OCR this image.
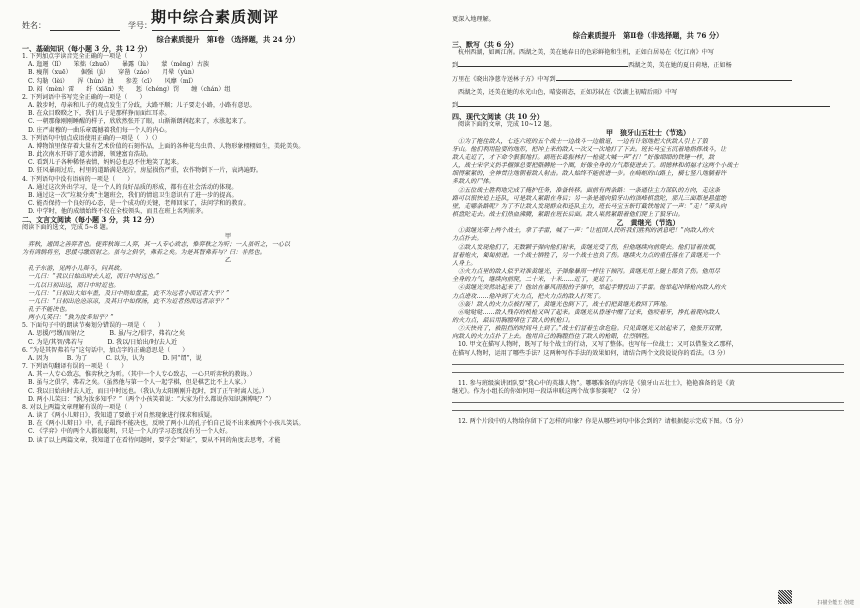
期中综合素质测评
姓名：	学号：

综合素质提升　第Ⅰ卷 （选择题，共 24 分）

一、基础知识（每小题 3 分，共 12 分）

1. 下列加点字读音完全正确的一项是（　　）

A. 迤逦（lǐ）　　笨拙（zhuō）　　暴露（lù）　　蒙（měng）古族

B. 瘦削（xuē）　　倔强（jì）　　穿凿（záo）　　月晕（yùn）

C. 勾勒（lèi）　　浑（hún）浊　　参差（cī）　　风靡（mǐ）

D. 闷（mèn）雷　　纤（xiān）夹　　惩（chéng）罚　　缠（chán）组

2. 下列词语中书写完全正确的一项是（　　）

A. 散步时，母亲和儿子的观点发生了分歧，大路平顺；儿子要走小路，小路有意思。

B. 在众目睽睽之下，我们儿子是那样狰而面红耳赤。

C. 一朝那像刚刚睡醒的样子，欣欣然张开了眼，山渐渐朗润起来了，水涨起来了。

D. 庄严肃穆的一曲乐章震撼着我们每一个人的内心。

3. 下列语句中加点成语使用正确的一项是（　）（）

A. 博物馆里保存着大量有艺术价值的石刻作品，上面的各种花鸟虫兽、人物形象栩栩如生，美轮美奂。

B. 此次南水开辟了道水清源，领建富育浩劫。

C. 看到儿子各种稀怪表情，妈妈总也忍不住地笑了起来。

D. 狂风暴雨过后，村里的道路满是泥泞，房屋损伤严重，农作物倒下一片，哀鸿遍野。

4. 下列语句中没有语病的一项是（　　）

A. 通过这次外出学习，是一个人的良好品质的形成，都有在社会活动的体现。

B. 通过这一次“垃圾分类”主题班会，我们的情谊卫生意识有了进一步的提高。

C. 能否保持一个良好的心态，是一个成功的关键，老师回家了，法问学和的教育。

D. 中学时，他的成绩始终不仅在全校领头，而且在班上名列前茅。

二、文言文阅读（每小题 3 分，共 12 分）

阅读下面的选文，完成 5~8 题。

甲

弈秋，通国之善弈者也。使弈秋诲二人弈，其一人专心致志，惟弈秋之为听；一人虽听之，一心以

为有鸿鹄将至，思援弓缴而射之。虽与之俱学，弗若之矣。为是其智弗若与？曰：非然也。

乙

孔子东游，见两小儿辩斗，问其故。

一儿曰：“我以日始出时去人近，而日中时远也。”

一儿以日初出远，而日中时近也。

一儿曰：“日初出大如车盖，及日中则如盘盂，此不为远者小而近者大乎？”

一儿曰：“日初出沧沧凉凉，及其日中如探汤，此不为近者热而远者凉乎？”

孔子不能决也。

两小儿笑曰：“孰为汝多知乎？”

5. 下面句子中的朗读节奏划分错误的一项是（　　）

A. 思援/弓缴/而射/之　　　　B. 虽/与之/俱学，弗若/之矣

C. 为是/其智/弗若与　　　　D. 我以/日始出/时/去人近

6. “为是其智弗若与”这句话中，加点字的正确意思是（　　）

A. 因为　　　B. 为了　　　C. 以为，认为　　　D. 同“谓”，说

7. 下列语句翻译有误的一项是（　　）

A. 其一人专心致志，惟弈秋之为听。（其中一个人专心致志，一心只听弈秋的教诲。）

B. 虽与之俱学，弗若之矣。（虽然他与第一个人一起学棋，但是棋艺比不上人家。）

C. 我以日始出时去人近，而日中时远也。（我认为太阳刚刚升起时，到了正午时离人远。）

D. 两小儿笑曰：“孰为汝多知乎？”（两个小孩笑着说：“大家为什么都说你知识渊博呢？”）

8. 对以上两篇文章理解有误的一项是（　　）

A. 读了《两小儿辩日》，我知道了要敢于对自然现象进行探求和质疑。

B. 在《两小儿辩日》中，孔子最终不能决也，反映了两小儿的孔子怕自己说不出来被两个小孩儿笑话。

C. 《学弈》中的两个人都很聪明，只是一个人的学习态度没有另一个人好。

D. 读了以上两篇文章，我知道了在看待问题时，要学会“辩证”，要从不同的角度去思考，才能

更深入地理解。

综合素质提升　第Ⅱ卷（非选择题，共 76 分）

三、默写（共 6 分）

杭州西湖，如画江南。西湖之美，美在她春日的色彩鲜艳和生机，正如白居易在《忆江南》中写

到	西湖之美，美在她的夏日荷塘，正如杨

万里在《晓出净慈寺送林子方》中写到

西湖之美，还美在她的水光山色，晴姿雨态，正如苏轼在《饮湖上初晴后雨》中写

到

四、现代文阅读（共 10 分）

阅读下面的文章，完成 10~12 题。

甲　狼牙山五壮士（节选）

①为了拖住敌人，七连六班的五个战士一边战斗一边撤退，一边有计划地把大伙敌人引上了狼

牙山。他们利用险要的地形，把冲上来的敌人一次又一次地打了下去。班长马宝玉沉着地指挥战斗，让

敌人走近了，才下命令狠狠地打。副班长葛振林打一枪就大喊一声“打！”好像细细的铁锤一样，敌

人，战士宋学义扔手榴弹总要把胳膊抡一个圈，好像全身的力气都使进去了。胡德林和胡福才这两个小战士

细得紧紧的，全神贯注地朝着敌人射击。敌人始终不能前进一步。在崎岖的山路上，横七竖八地躺着许

多敌人的尸体。

②五位战士胜利地完成了掩护任务，准备转移。面前有两条路：一条通往主力部队的方向，走这条

路可以很快追上连队，可是敌人紧跟在身后；另一条是通向狼牙山的顶峰棋盘陀，那儿三面都是悬崖绝

壁，走哪条路呢？为了不让敌人发现群众和连队主力，班长马宝玉斩钉截铁地说了一声：“走！”带头向

棋盘陀走去。战士们热血沸腾，紧跟在班长后面。敌人果然紧跟着他们爬上了狼牙山。

乙　黄继光（节选）

①黄继光带上两个战士，拿了手雷，喊了一声：“让祖国人民听我们胜利的消息吧！”向敌人的火

力点扑去。

②敌人发现他们了，无数颗子弹向他们射来，黄继光受了伤，但他继续向前爬去。他们冒着浓烟，

冒着炮火，匍匐前进。一个战士牺牲了，另一个战士也负了伤。继续火力点的重任落在了黄继光一个

人身上。

③火力点里的敌人似乎对准黄继光，子弹像暴雨一样往下倾泻。黄继光用上腿上都负了伤。他用尽

全身的力气，继续向前爬，二十米，十米……近了，更近了。

④黄继光突然站起来了！他站在暴风雨般的子弹中，举起手臂投出了手雷。他举起冲锋枪向敌人的火

力点进攻……他冲到了火力点，把火力点的敌人打死了。

⑤轰！敌人的火力点被打哑了，黄继光也倒下了，战士们把黄继光救回了阵地。

⑥哒哒哒……敌人残存的机枪又叫了起来。黄继光从昏迷中醒了过来，他咬着牙，挣扎着爬向敌人

的火力点，最后用胸膛堵住了敌人的机枪口。

⑦天快亮了，被阻挡的时间马上到了。”战士们冒着生命危险。只见黄继光又站起来了，他张开双臂，

向敌人的火力点扑了上去。他用自己的胸膛挡住了敌人的枪眼，壮烈牺牲。

10. 甲文在描写人物时，既写了每个战士的行动，又写了整体。也写每一位战士；又可以借鉴文乙那样，

在描写人物时，运用了哪些手法？这两种写作手法的效果如何，请结合两个文段说说你的看法。（3 分）

11. 参与班级演讲团队要“我心中的英雄人物”。哪哪准备的内容是《狼牙山五壮士》，艳艳准备的是《黄

继光》。作为小组长的你如何用一段话串联这两个故事参赛呢？（2 分）

12. 两个片段中的人物给你留下了怎样的印象？你是从哪些词句中体会到的？请根据提示完成下图。（5 分）

扫描全能王 创建
